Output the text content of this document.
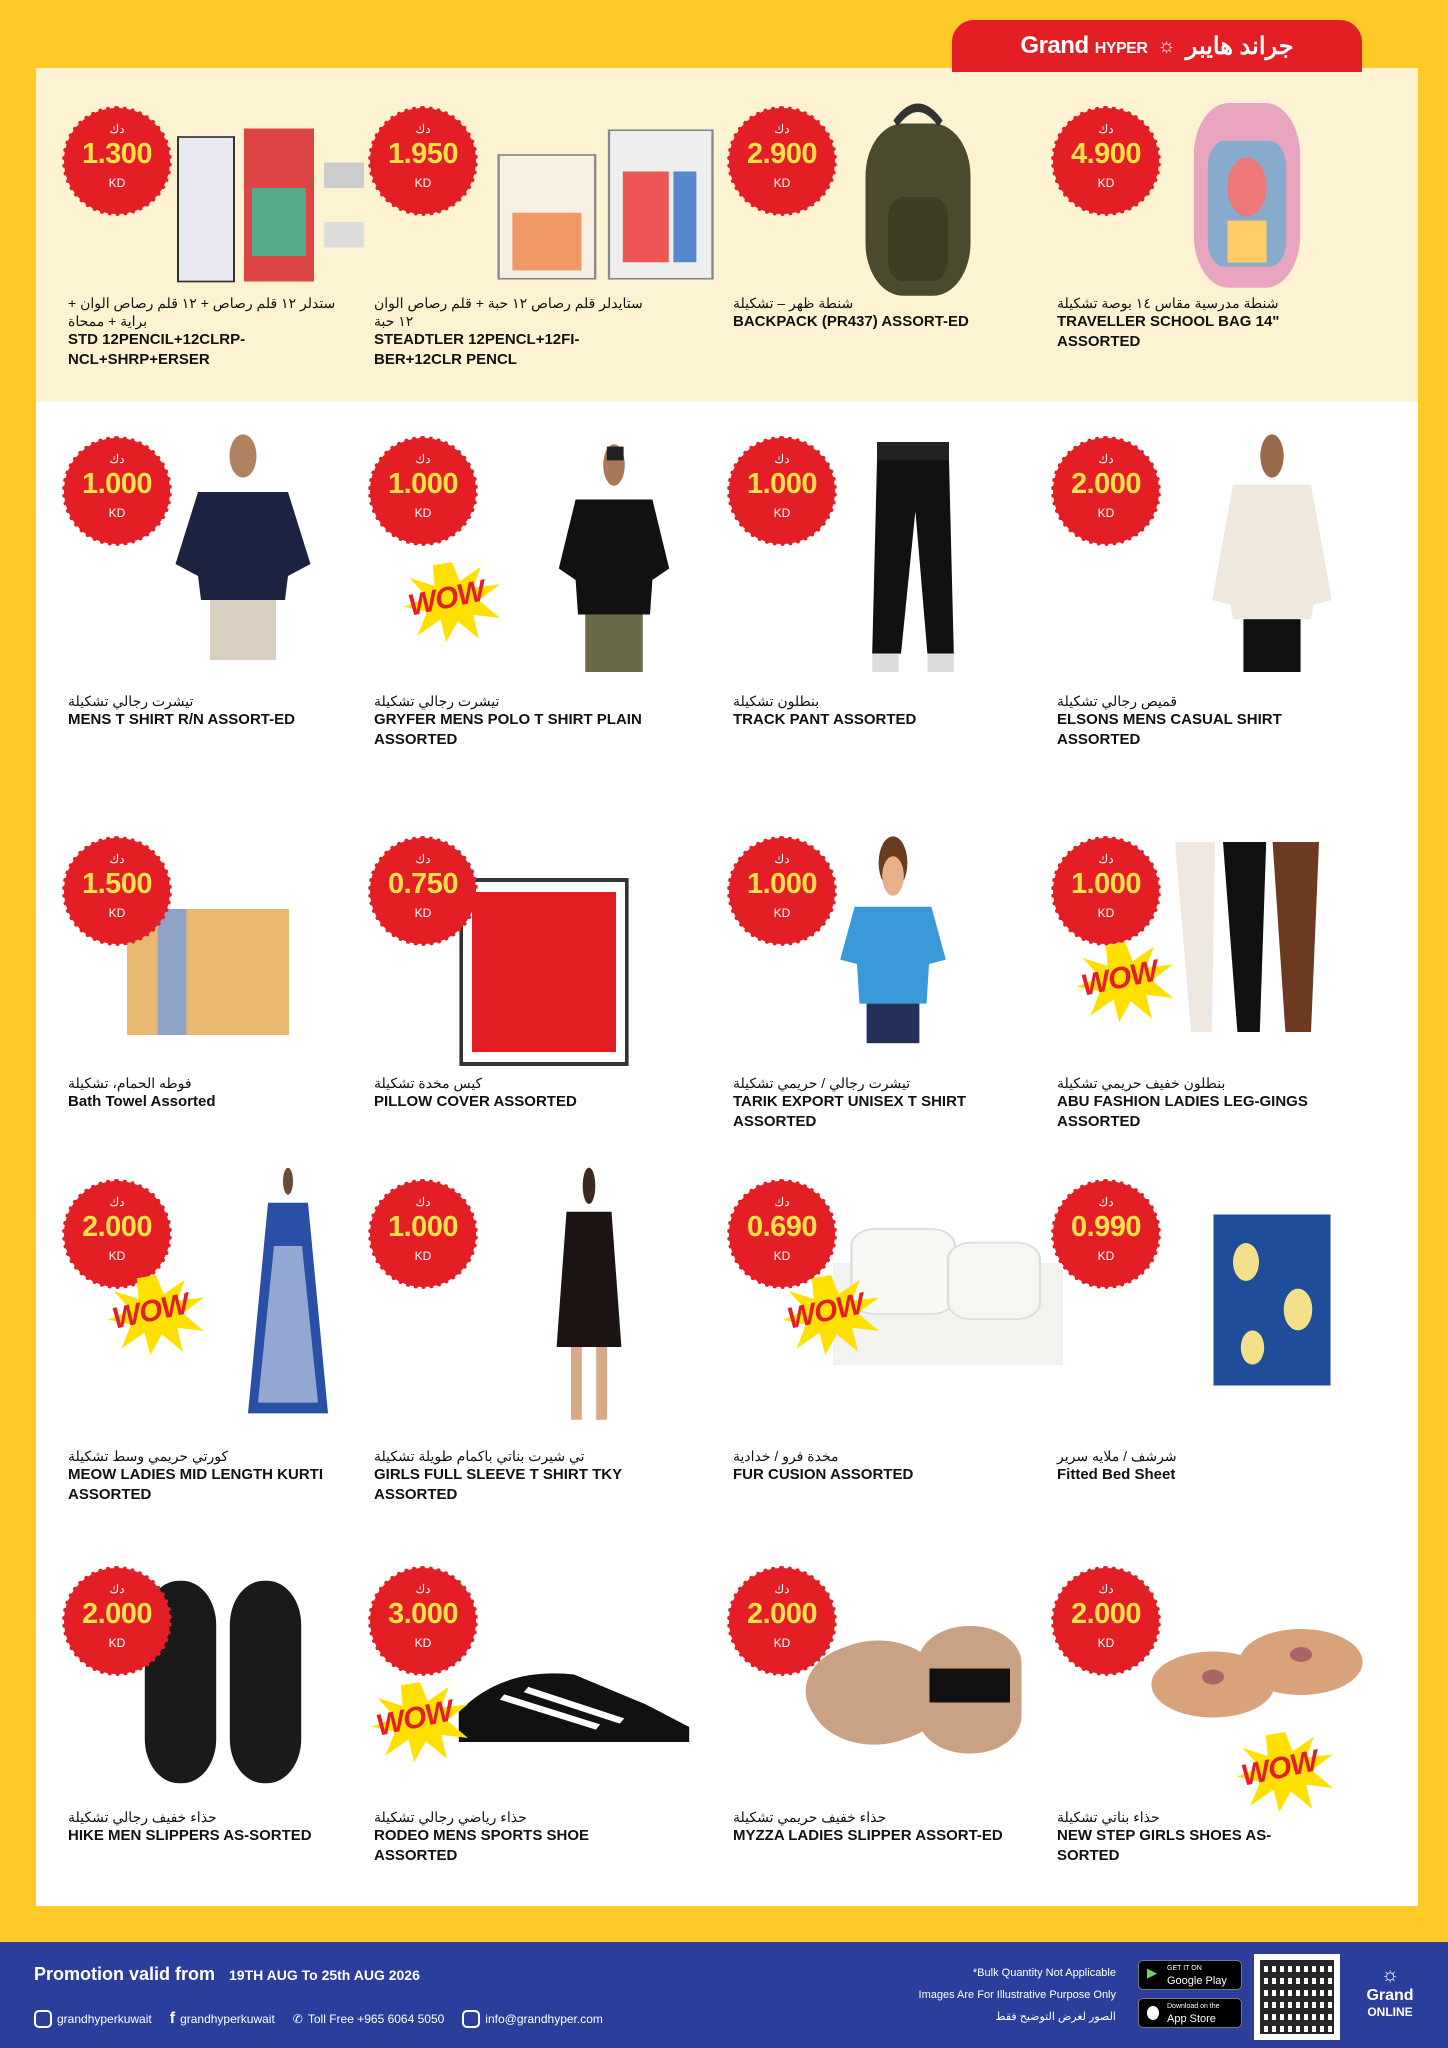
Grand HYPER ☼ جراند هايبر
دك
1.300
KD
ستدلر ١٢ قلم رصاص + ١٢ قلم رصاص الوان + براية + ممحاة
STD 12PENCIL+12CLRP-NCL+SHRP+ERSER
دك
1.950
KD
ستايدلر قلم رصاص ١٢ حبة + قلم رصاص الوان ١٢ حبة
STEADTLER 12PENCL+12FI-BER+12CLR PENCL
دك
2.900
KD
شنطة ظهر – تشكيلة
BACKPACK (PR437) ASSORT-ED
دك
4.900
KD
شنطة مدرسية مقاس ١٤ بوصة تشكيلة
TRAVELLER SCHOOL BAG 14" ASSORTED
دك
1.000
KD
تيشرت رجالي تشكيلة
MENS T SHIRT R/N ASSORT-ED
دك
1.000
KD
WOW
تيشرت رجالي تشكيلة
GRYFER MENS POLO T SHIRT PLAIN ASSORTED
دك
1.000
KD
بنطلون تشكيلة
TRACK PANT ASSORTED
دك
2.000
KD
قميص رجالي تشكيلة
ELSONS MENS CASUAL SHIRT ASSORTED
دك
1.500
KD
فوطه الحمام، تشكيلة
Bath Towel Assorted
دك
0.750
KD
كيس مخدة تشكيلة
PILLOW COVER ASSORTED
دك
1.000
KD
تيشرت رجالي / حريمي تشكيلة
TARIK EXPORT UNISEX T SHIRT ASSORTED
دك
1.000
KD
WOW
بنطلون خفيف حريمي تشكيلة
ABU FASHION LADIES LEG-GINGS ASSORTED
دك
2.000
KD
WOW
كورتي حريمي وسط تشكيلة
MEOW LADIES MID LENGTH KURTI ASSORTED
دك
1.000
KD
تي شيرت بناتي باكمام طويلة تشكيلة
GIRLS FULL SLEEVE T SHIRT TKY ASSORTED
دك
0.690
KD
WOW
مخدة فرو / خدادية
FUR CUSION ASSORTED
دك
0.990
KD
شرشف / ملايه سرير
Fitted Bed Sheet
دك
2.000
KD
حذاء خفيف رجالي تشكيلة
HIKE MEN SLIPPERS AS-SORTED
دك
3.000
KD
WOW
حذاء رياضي رجالي تشكيلة
RODEO MENS SPORTS SHOE ASSORTED
دك
2.000
KD
حذاء خفيف حريمي تشكيلة
MYZZA LADIES SLIPPER ASSORT-ED
دك
2.000
KD
WOW
حذاء بناتي تشكيلة
NEW STEP GIRLS SHOES AS-SORTED
Promotion valid from 19TH AUG To 25th AUG 2026
grandhyperkuwait f grandhyperkuwait ✆ Toll Free +965 6064 5050	info@grandhyper.com
*Bulk Quantity Not Applicable
Images Are For Illustrative Purpose Only
الصور لغرض التوضيح فقط
▶ GET IT ON
Google Play
Download on the
App Store
☼
Grand
ONLINE
